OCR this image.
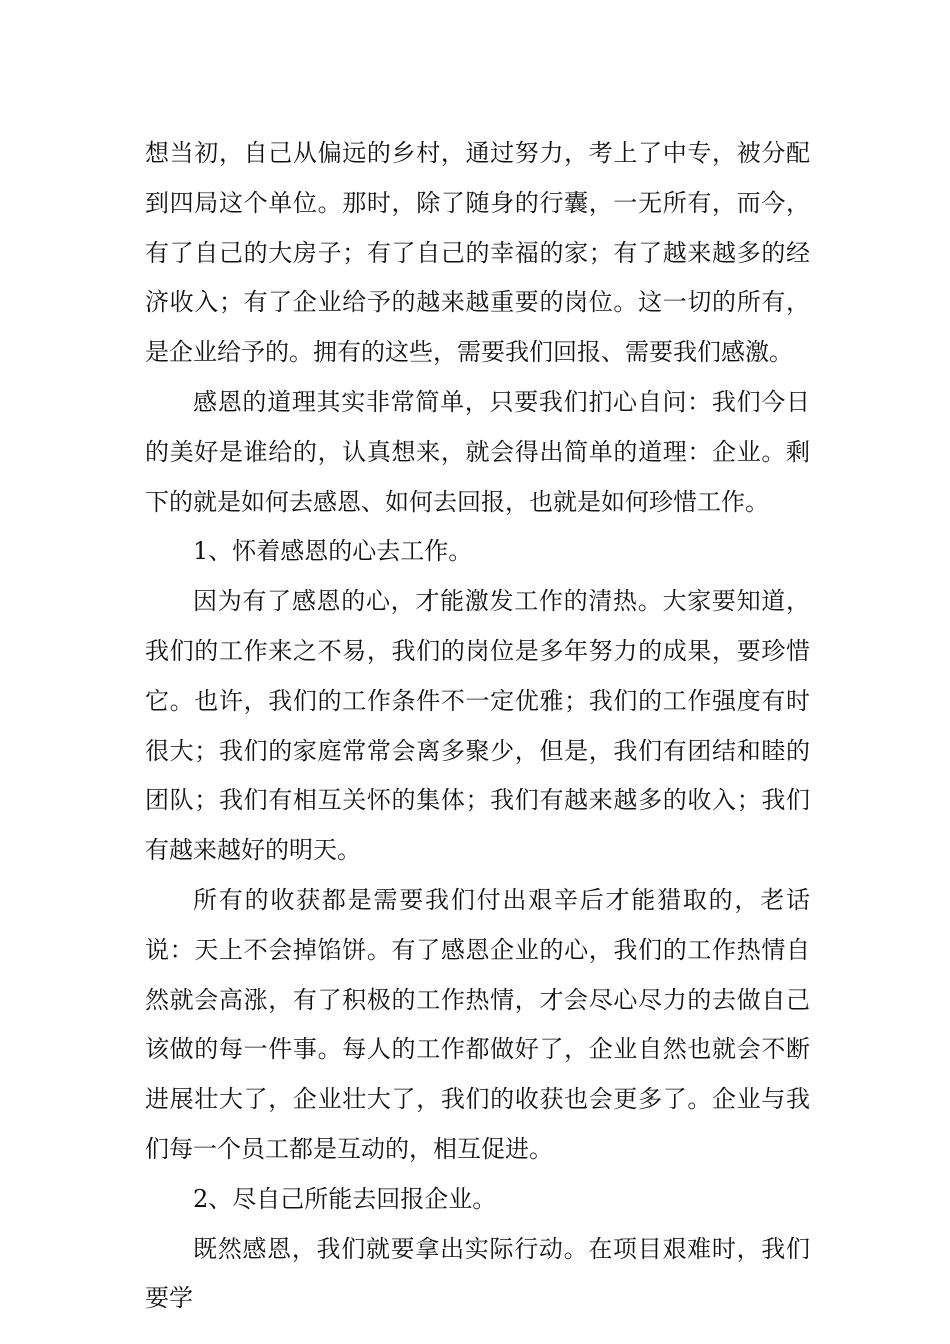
想当初，自己从偏远的乡村，通过努力，考上了中专，被分配到四局这个单位。那时，除了随身的行囊，一无所有，而今，有了自己的大房子；有了自己的幸福的家；有了越来越多的经济收入；有了企业给予的越来越重要的岗位。这一切的所有，是企业给予的。拥有的这些，需要我们回报、需要我们感激。

感恩的道理其实非常简单，只要我们扪心自问：我们今日的美好是谁给的，认真想来，就会得出简单的道理：企业。剩下的就是如何去感恩、如何去回报，也就是如何珍惜工作。

1、怀着感恩的心去工作。

因为有了感恩的心，才能激发工作的清热。大家要知道，我们的工作来之不易，我们的岗位是多年努力的成果，要珍惜它。也许，我们的工作条件不一定优雅；我们的工作强度有时很大；我们的家庭常常会离多聚少，但是，我们有团结和睦的团队；我们有相互关怀的集体；我们有越来越多的收入；我们有越来越好的明天。

所有的收获都是需要我们付出艰辛后才能猎取的，老话说：天上不会掉馅饼。有了感恩企业的心，我们的工作热情自然就会高涨，有了积极的工作热情，才会尽心尽力的去做自己该做的每一件事。每人的工作都做好了，企业自然也就会不断进展壮大了，企业壮大了，我们的收获也会更多了。企业与我们每一个员工都是互动的，相互促进。

2、尽自己所能去回报企业。

既然感恩，我们就要拿出实际行动。在项目艰难时，我们要学
